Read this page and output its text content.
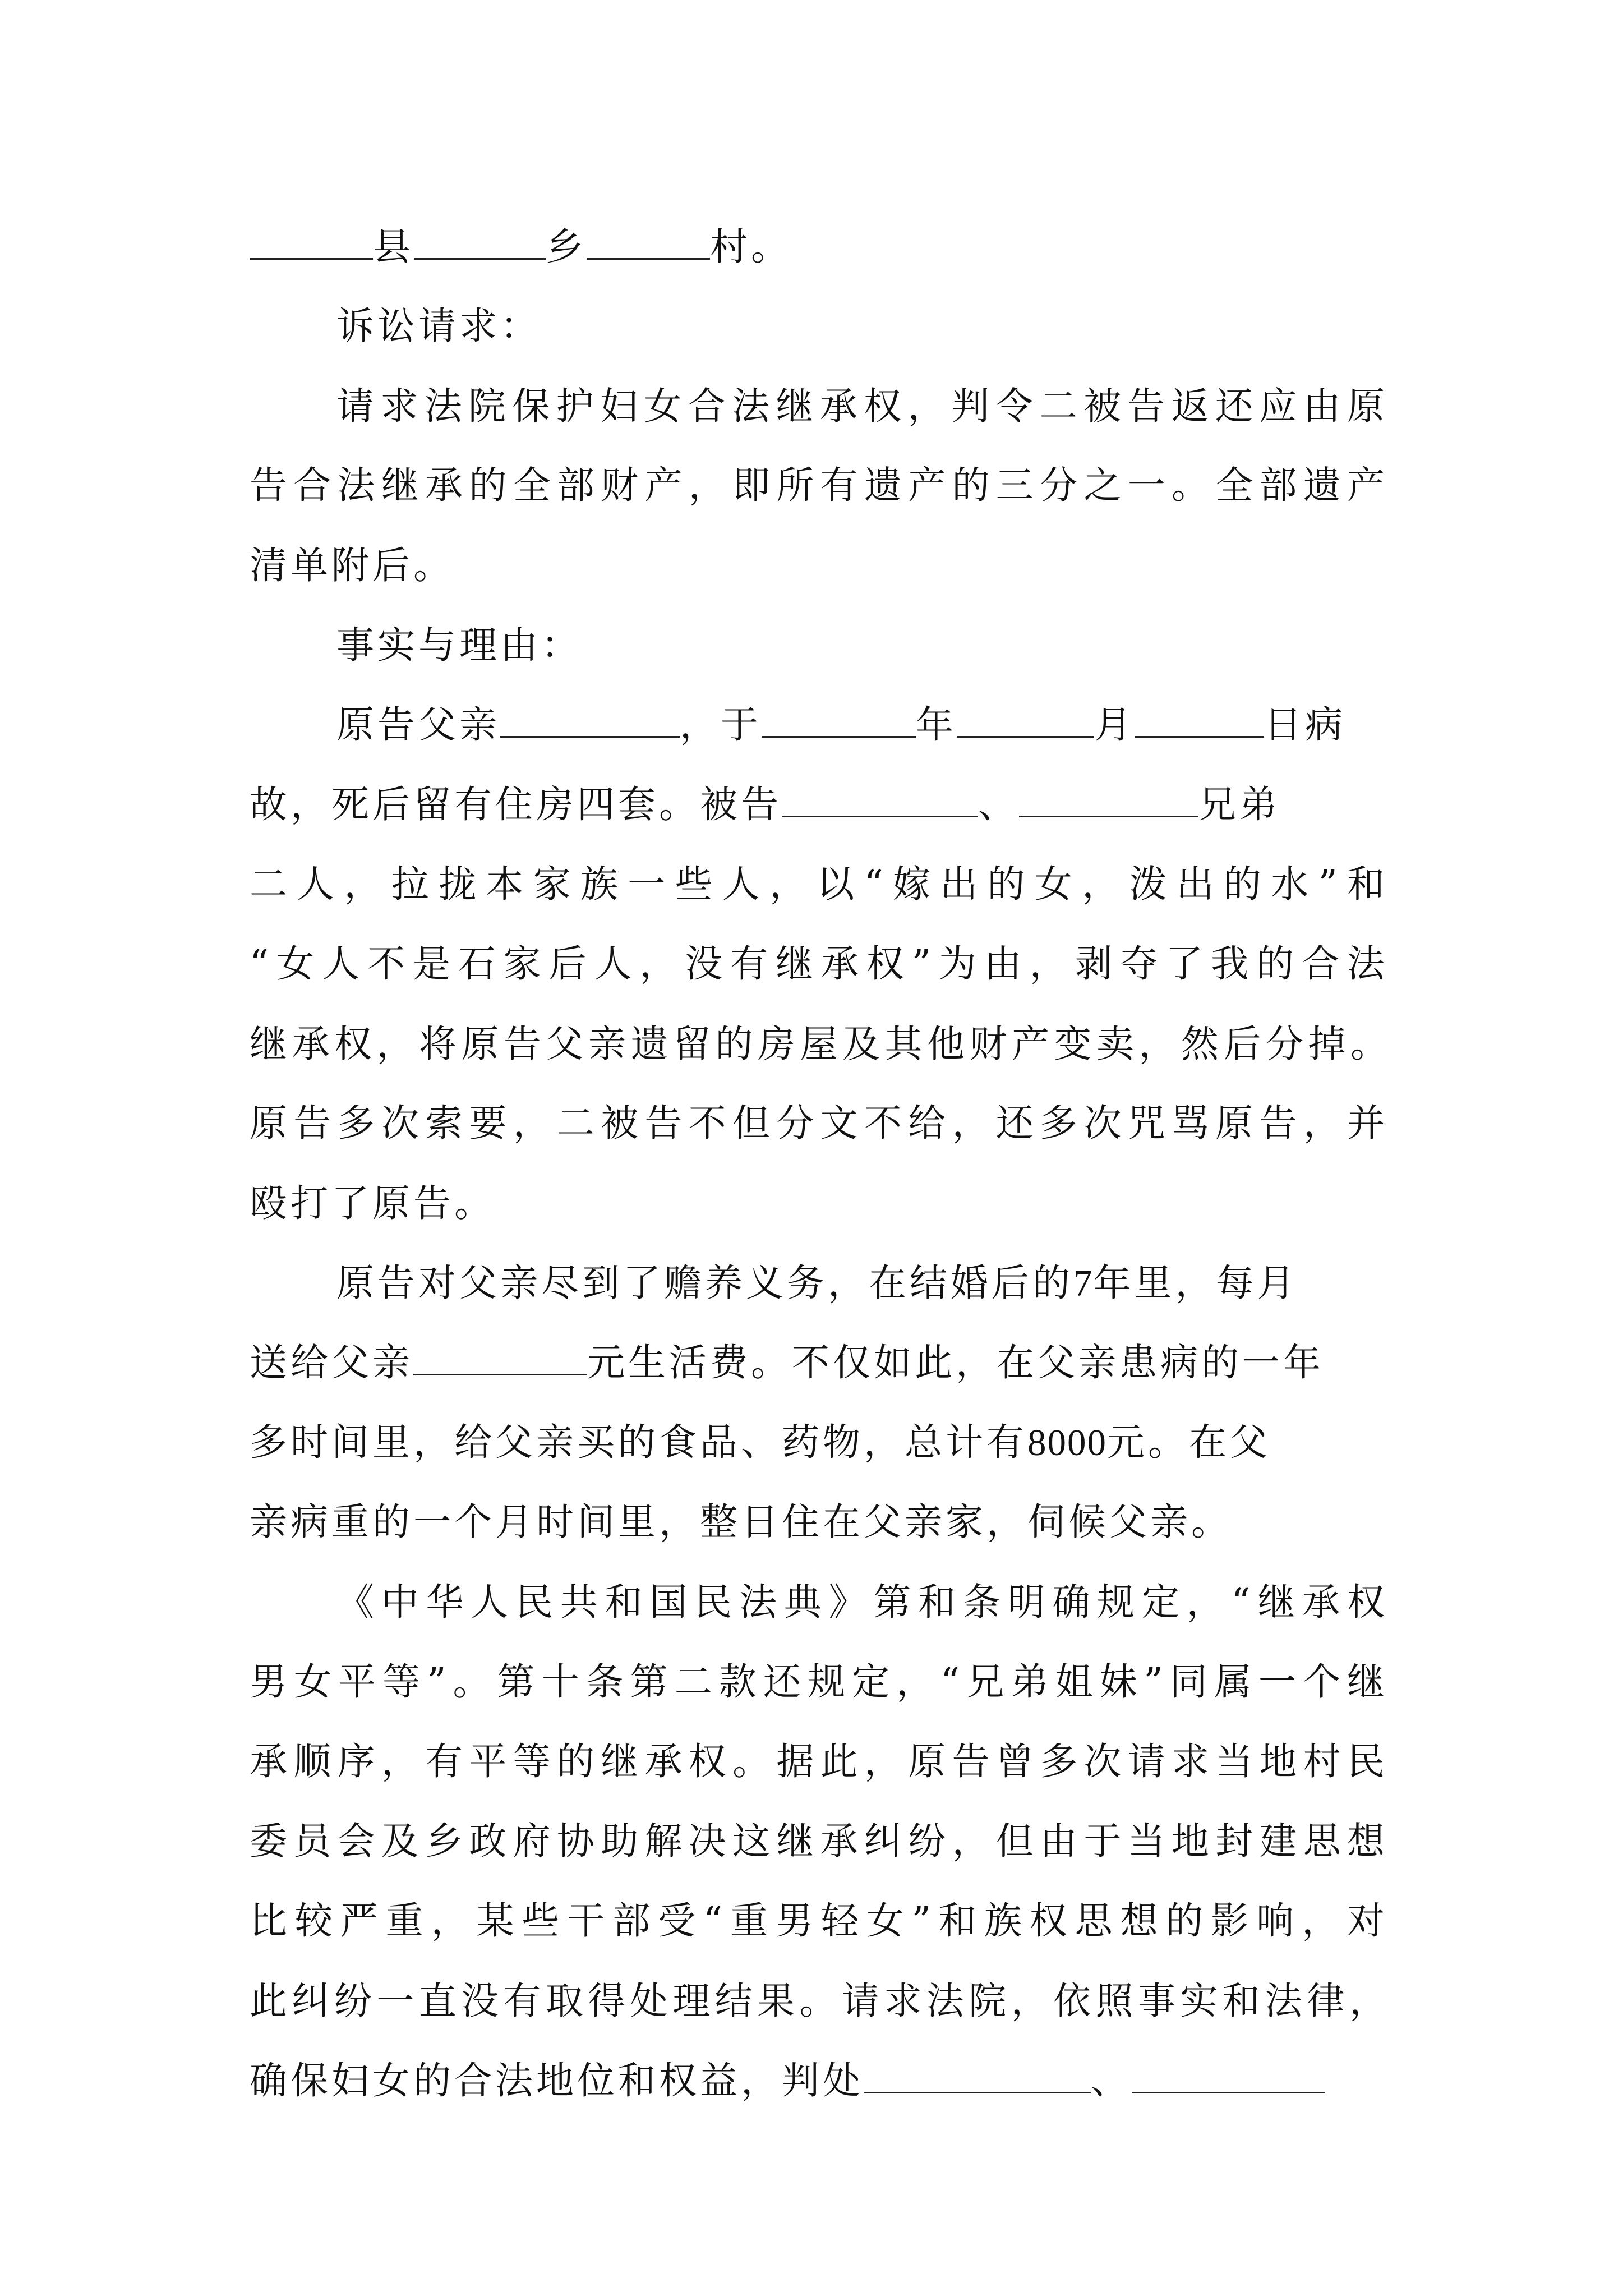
县	乡	村。
诉讼请求：
请求法院保护妇女合法继承权，判令二被告返还应由原
告合法继承的全部财产，即所有遗产的三分之一。全部遗产
清单附后。
事实与理由：
原告父亲	，于	年	月	日病
故，死后留有住房四套。被告	、	兄弟
二人，拉拢本家族一些人，以“嫁出的女，泼出的水”和
“女人不是石家后人，没有继承权”为由，剥夺了我的合法
继承权，将原告父亲遗留的房屋及其他财产变卖，然后分掉。
原告多次索要，二被告不但分文不给，还多次咒骂原告，并
殴打了原告。
原告对父亲尽到了赡养义务，在结婚后的7年里，每月
送给父亲	元生活费。不仅如此，在父亲患病的一年
多时间里，给父亲买的食品、药物，总计有8000元。在父
亲病重的一个月时间里，整日住在父亲家，伺候父亲。
《中华人民共和国民法典》第和条明确规定，“继承权
男女平等”。第十条第二款还规定，“兄弟姐妹”同属一个继
承顺序，有平等的继承权。据此，原告曾多次请求当地村民
委员会及乡政府协助解决这继承纠纷，但由于当地封建思想
比较严重，某些干部受“重男轻女”和族权思想的影响，对
此纠纷一直没有取得处理结果。请求法院，依照事实和法律，
确保妇女的合法地位和权益，判处	、
